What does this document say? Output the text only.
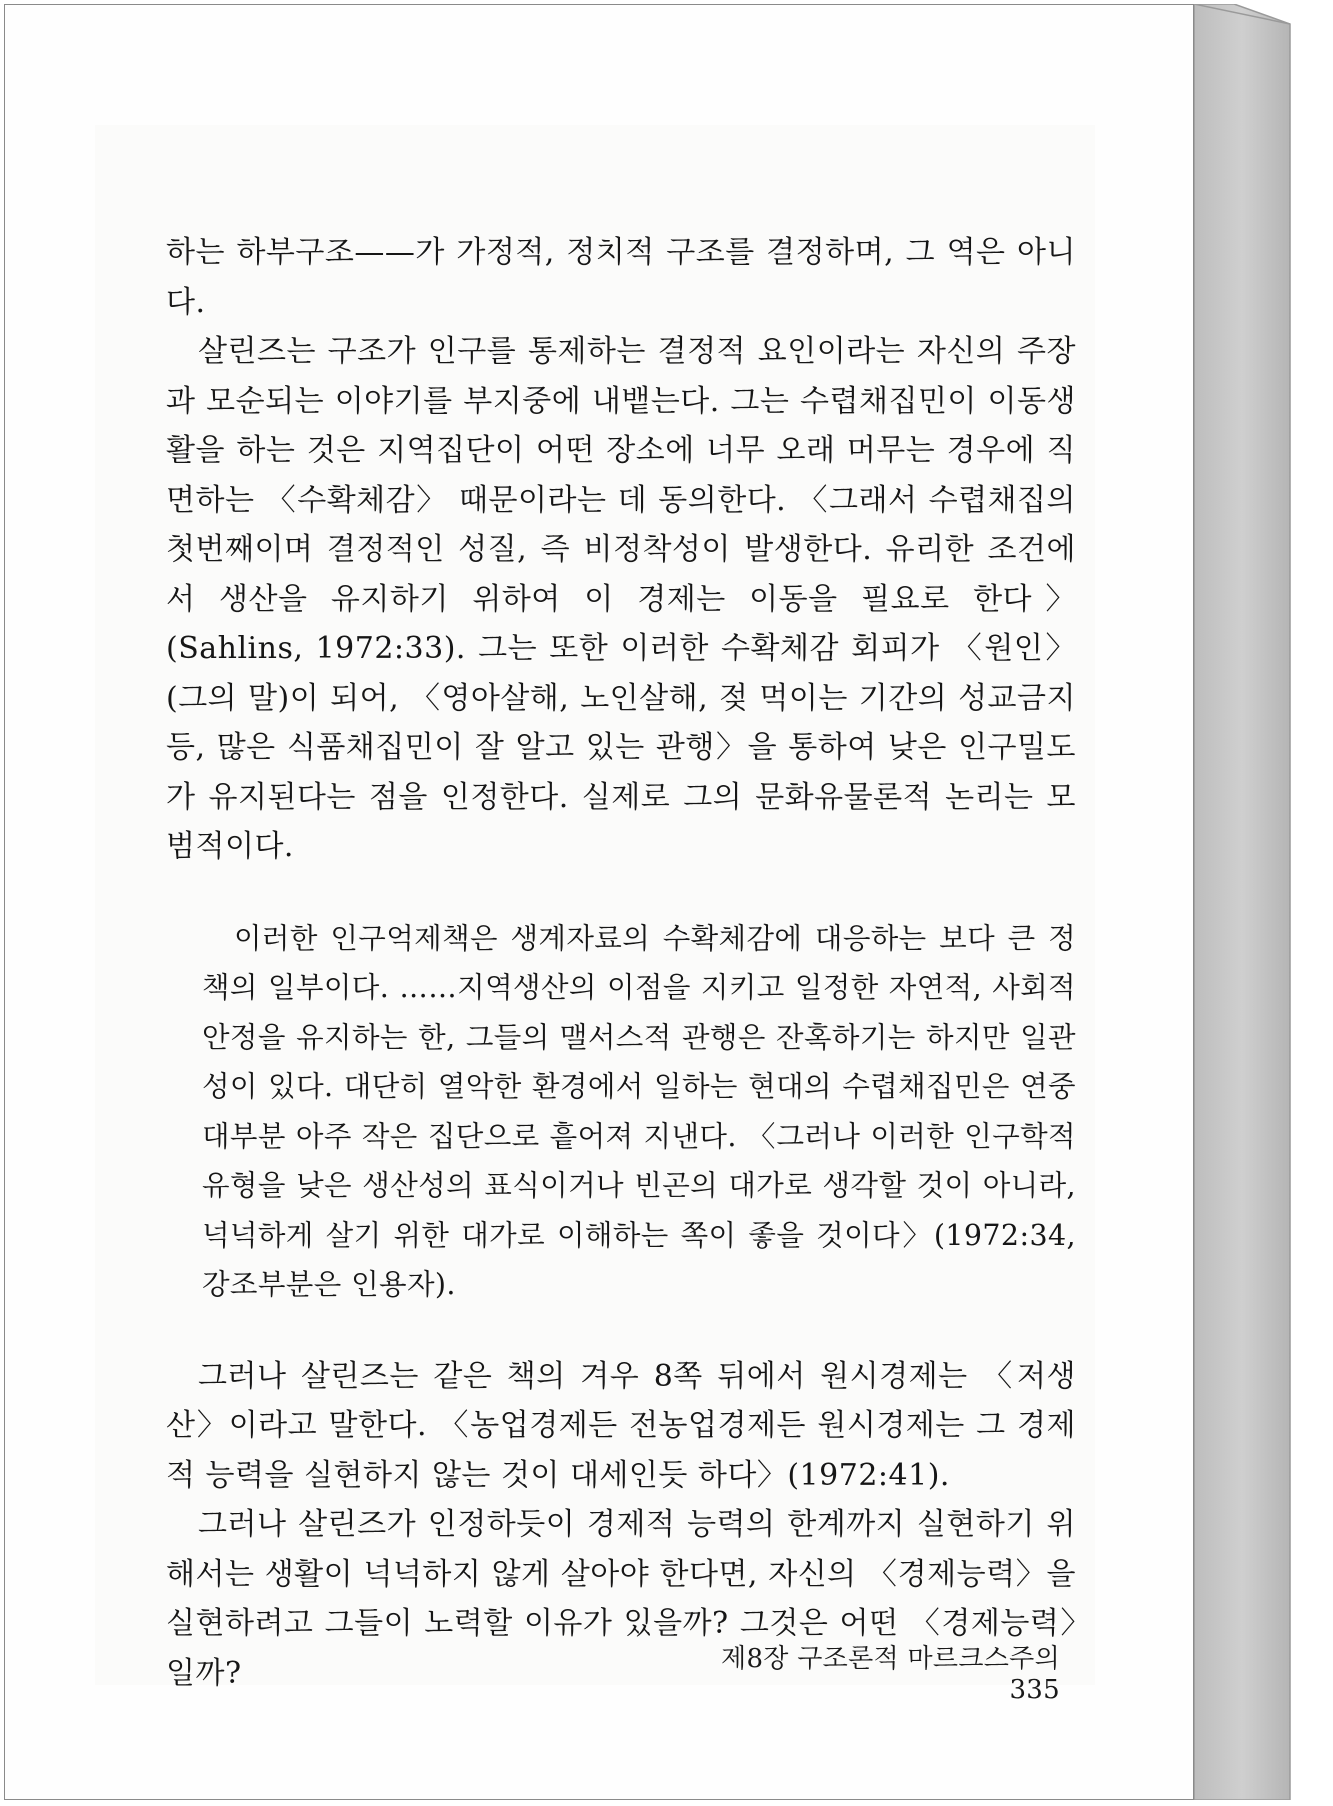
하는 하부구조——가 가정적, 정치적 구조를 결정하며, 그 역은 아니다.

살린즈는 구조가 인구를 통제하는 결정적 요인이라는 자신의 주장과 모순되는 이야기를 부지중에 내뱉는다. 그는 수렵채집민이 이동생활을 하는 것은 지역집단이 어떤 장소에 너무 오래 머무는 경우에 직면하는 〈수확체감〉 때문이라는 데 동의한다. 〈그래서 수렵채집의 첫번째이며 결정적인 성질, 즉 비정착성이 발생한다. 유리한 조건에서 생산을 유지하기 위하여 이 경제는 이동을 필요로 한다〉(Sahlins, 1972:33). 그는 또한 이러한 수확체감 회피가 〈원인〉(그의 말)이 되어, 〈영아살해, 노인살해, 젖 먹이는 기간의 성교금지 등, 많은 식품채집민이 잘 알고 있는 관행〉을 통하여 낮은 인구밀도가 유지된다는 점을 인정한다. 실제로 그의 문화유물론적 논리는 모범적이다.

이러한 인구억제책은 생계자료의 수확체감에 대응하는 보다 큰 정책의 일부이다. ……지역생산의 이점을 지키고 일정한 자연적, 사회적 안정을 유지하는 한, 그들의 맬서스적 관행은 잔혹하기는 하지만 일관성이 있다. 대단히 열악한 환경에서 일하는 현대의 수렵채집민은 연중 대부분 아주 작은 집단으로 흩어져 지낸다. 〈그러나 이러한 인구학적 유형을 낮은 생산성의 표식이거나 빈곤의 대가로 생각할 것이 아니라, 넉넉하게 살기 위한 대가로 이해하는 쪽이 좋을 것이다〉(1972:34, 강조부분은 인용자).

그러나 살린즈는 같은 책의 겨우 8쪽 뒤에서 원시경제는 〈저생산〉이라고 말한다. 〈농업경제든 전농업경제든 원시경제는 그 경제적 능력을 실현하지 않는 것이 대세인듯 하다〉(1972:41).

그러나 살린즈가 인정하듯이 경제적 능력의 한계까지 실현하기 위해서는 생활이 넉넉하지 않게 살아야 한다면, 자신의 〈경제능력〉을 실현하려고 그들이 노력할 이유가 있을까? 그것은 어떤 〈경제능력〉일까?	제8장 구조론적 마르크스주의 335
